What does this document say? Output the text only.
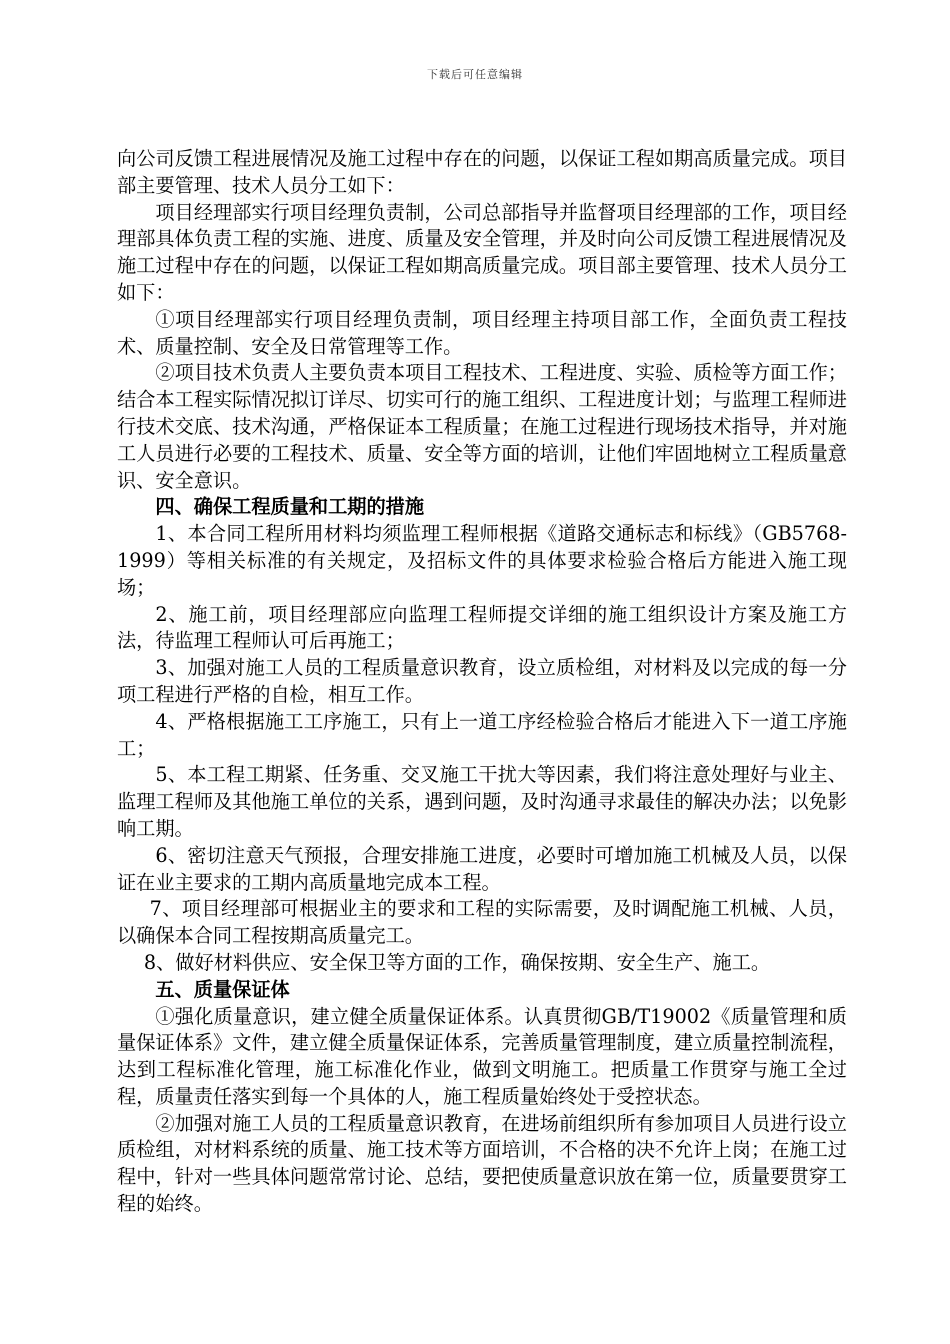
下载后可任意编辑

向公司反馈工程进展情况及施工过程中存在的问题，以保证工程如期高质量完成。项目部主要管理、技术人员分工如下：

项目经理部实行项目经理负责制，公司总部指导并监督项目经理部的工作，项目经理部具体负责工程的实施、进度、质量及安全管理，并及时向公司反馈工程进展情况及施工过程中存在的问题，以保证工程如期高质量完成。项目部主要管理、技术人员分工如下：

①项目经理部实行项目经理负责制，项目经理主持项目部工作，全面负责工程技术、质量控制、安全及日常管理等工作。

②项目技术负责人主要负责本项目工程技术、工程进度、实验、质检等方面工作；结合本工程实际情况拟订详尽、切实可行的施工组织、工程进度计划；与监理工程师进行技术交底、技术沟通，严格保证本工程质量；在施工过程进行现场技术指导，并对施工人员进行必要的工程技术、质量、安全等方面的培训，让他们牢固地树立工程质量意识、安全意识。

四、确保工程质量和工期的措施

1、本合同工程所用材料均须监理工程师根据《道路交通标志和标线》（GB5768-1999）等相关标准的有关规定，及招标文件的具体要求检验合格后方能进入施工现场；

2、施工前，项目经理部应向监理工程师提交详细的施工组织设计方案及施工方法，待监理工程师认可后再施工；

3、加强对施工人员的工程质量意识教育，设立质检组，对材料及以完成的每一分项工程进行严格的自检，相互工作。

4、严格根据施工工序施工，只有上一道工序经检验合格后才能进入下一道工序施工；

5、本工程工期紧、任务重、交叉施工干扰大等因素，我们将注意处理好与业主、监理工程师及其他施工单位的关系，遇到问题，及时沟通寻求最佳的解决办法；以免影响工期。

6、密切注意天气预报，合理安排施工进度，必要时可增加施工机械及人员，以保证在业主要求的工期内高质量地完成本工程。

7、项目经理部可根据业主的要求和工程的实际需要，及时调配施工机械、人员，以确保本合同工程按期高质量完工。

8、做好材料供应、安全保卫等方面的工作，确保按期、安全生产、施工。

五、质量保证体

①强化质量意识，建立健全质量保证体系。认真贯彻GB/T19002《质量管理和质量保证体系》文件，建立健全质量保证体系，完善质量管理制度，建立质量控制流程，达到工程标准化管理，施工标准化作业，做到文明施工。把质量工作贯穿与施工全过程，质量责任落实到每一个具体的人，施工程质量始终处于受控状态。

②加强对施工人员的工程质量意识教育，在进场前组织所有参加项目人员进行设立质检组，对材料系统的质量、施工技术等方面培训，不合格的决不允许上岗；在施工过程中，针对一些具体问题常常讨论、总结，要把使质量意识放在第一位，质量要贯穿工程的始终。
